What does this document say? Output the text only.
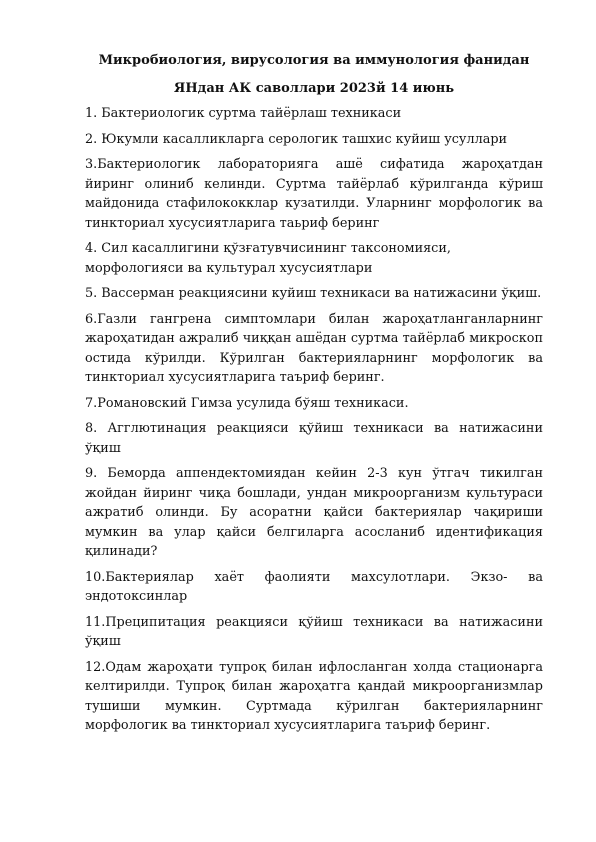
Микробиология, вирусология ва иммунология фанидан
ЯНдан АК саволлари 2023й 14 июнь
1. Бактериологик суртма тайёрлаш техникаси
2. Юкумли касалликларга серологик ташхис куйиш усуллари
3.Бактериологик лабораторияга ашё сифатида жароҳатдан йиринг олиниб келинди. Суртма тайёрлаб кўрилганда кўриш майдонида стафилококклар кузатилди. Уларнинг морфологик ва тинкториал хусусиятларига таьриф беринг
4. Сил касаллигини қўзғатувчисининг таксономияси, морфологияси ва культурал хусусиятлари
5. Вассерман реакциясини куйиш техникаси ва натижасини ўқиш.
6.Газли гангрена симптомлари билан жароҳатланганларнинг жароҳатидан ажралиб чиққан ашёдан суртма тайёрлаб микроскоп остида кўрилди. Кўрилган бактерияларнинг морфологик ва тинкториал хусусиятларига таъриф беринг.
7.Романовский Гимза усулида бўяш техникаси.
8. Агглютинация реакцияси қўйиш техникаси ва натижасини ўқиш
9. Беморда аппендектомиядан кейин 2-3 кун ўтгач тикилган жойдан йиринг чиқа бошлади, ундан микроорганизм культураси ажратиб олинди. Бу асоратни қайси бактериялар чақириши мумкин ва улар қайси белгиларга асосланиб идентификация қилинади?
10.Бактериялар хаёт фаолияти махсулотлари. Экзо- ва эндотоксинлар
11.Преципитация реакцияси қўйиш техникаси ва натижасини ўқиш
12.Одам жароҳати тупроқ билан ифлосланган холда стационарга келтирилди. Тупроқ билан жароҳатга қандай микроорганизмлар тушиши мумкин. Суртмада кўрилган бактерияларнинг морфологик ва тинкториал хусусиятларига таъриф беринг.
